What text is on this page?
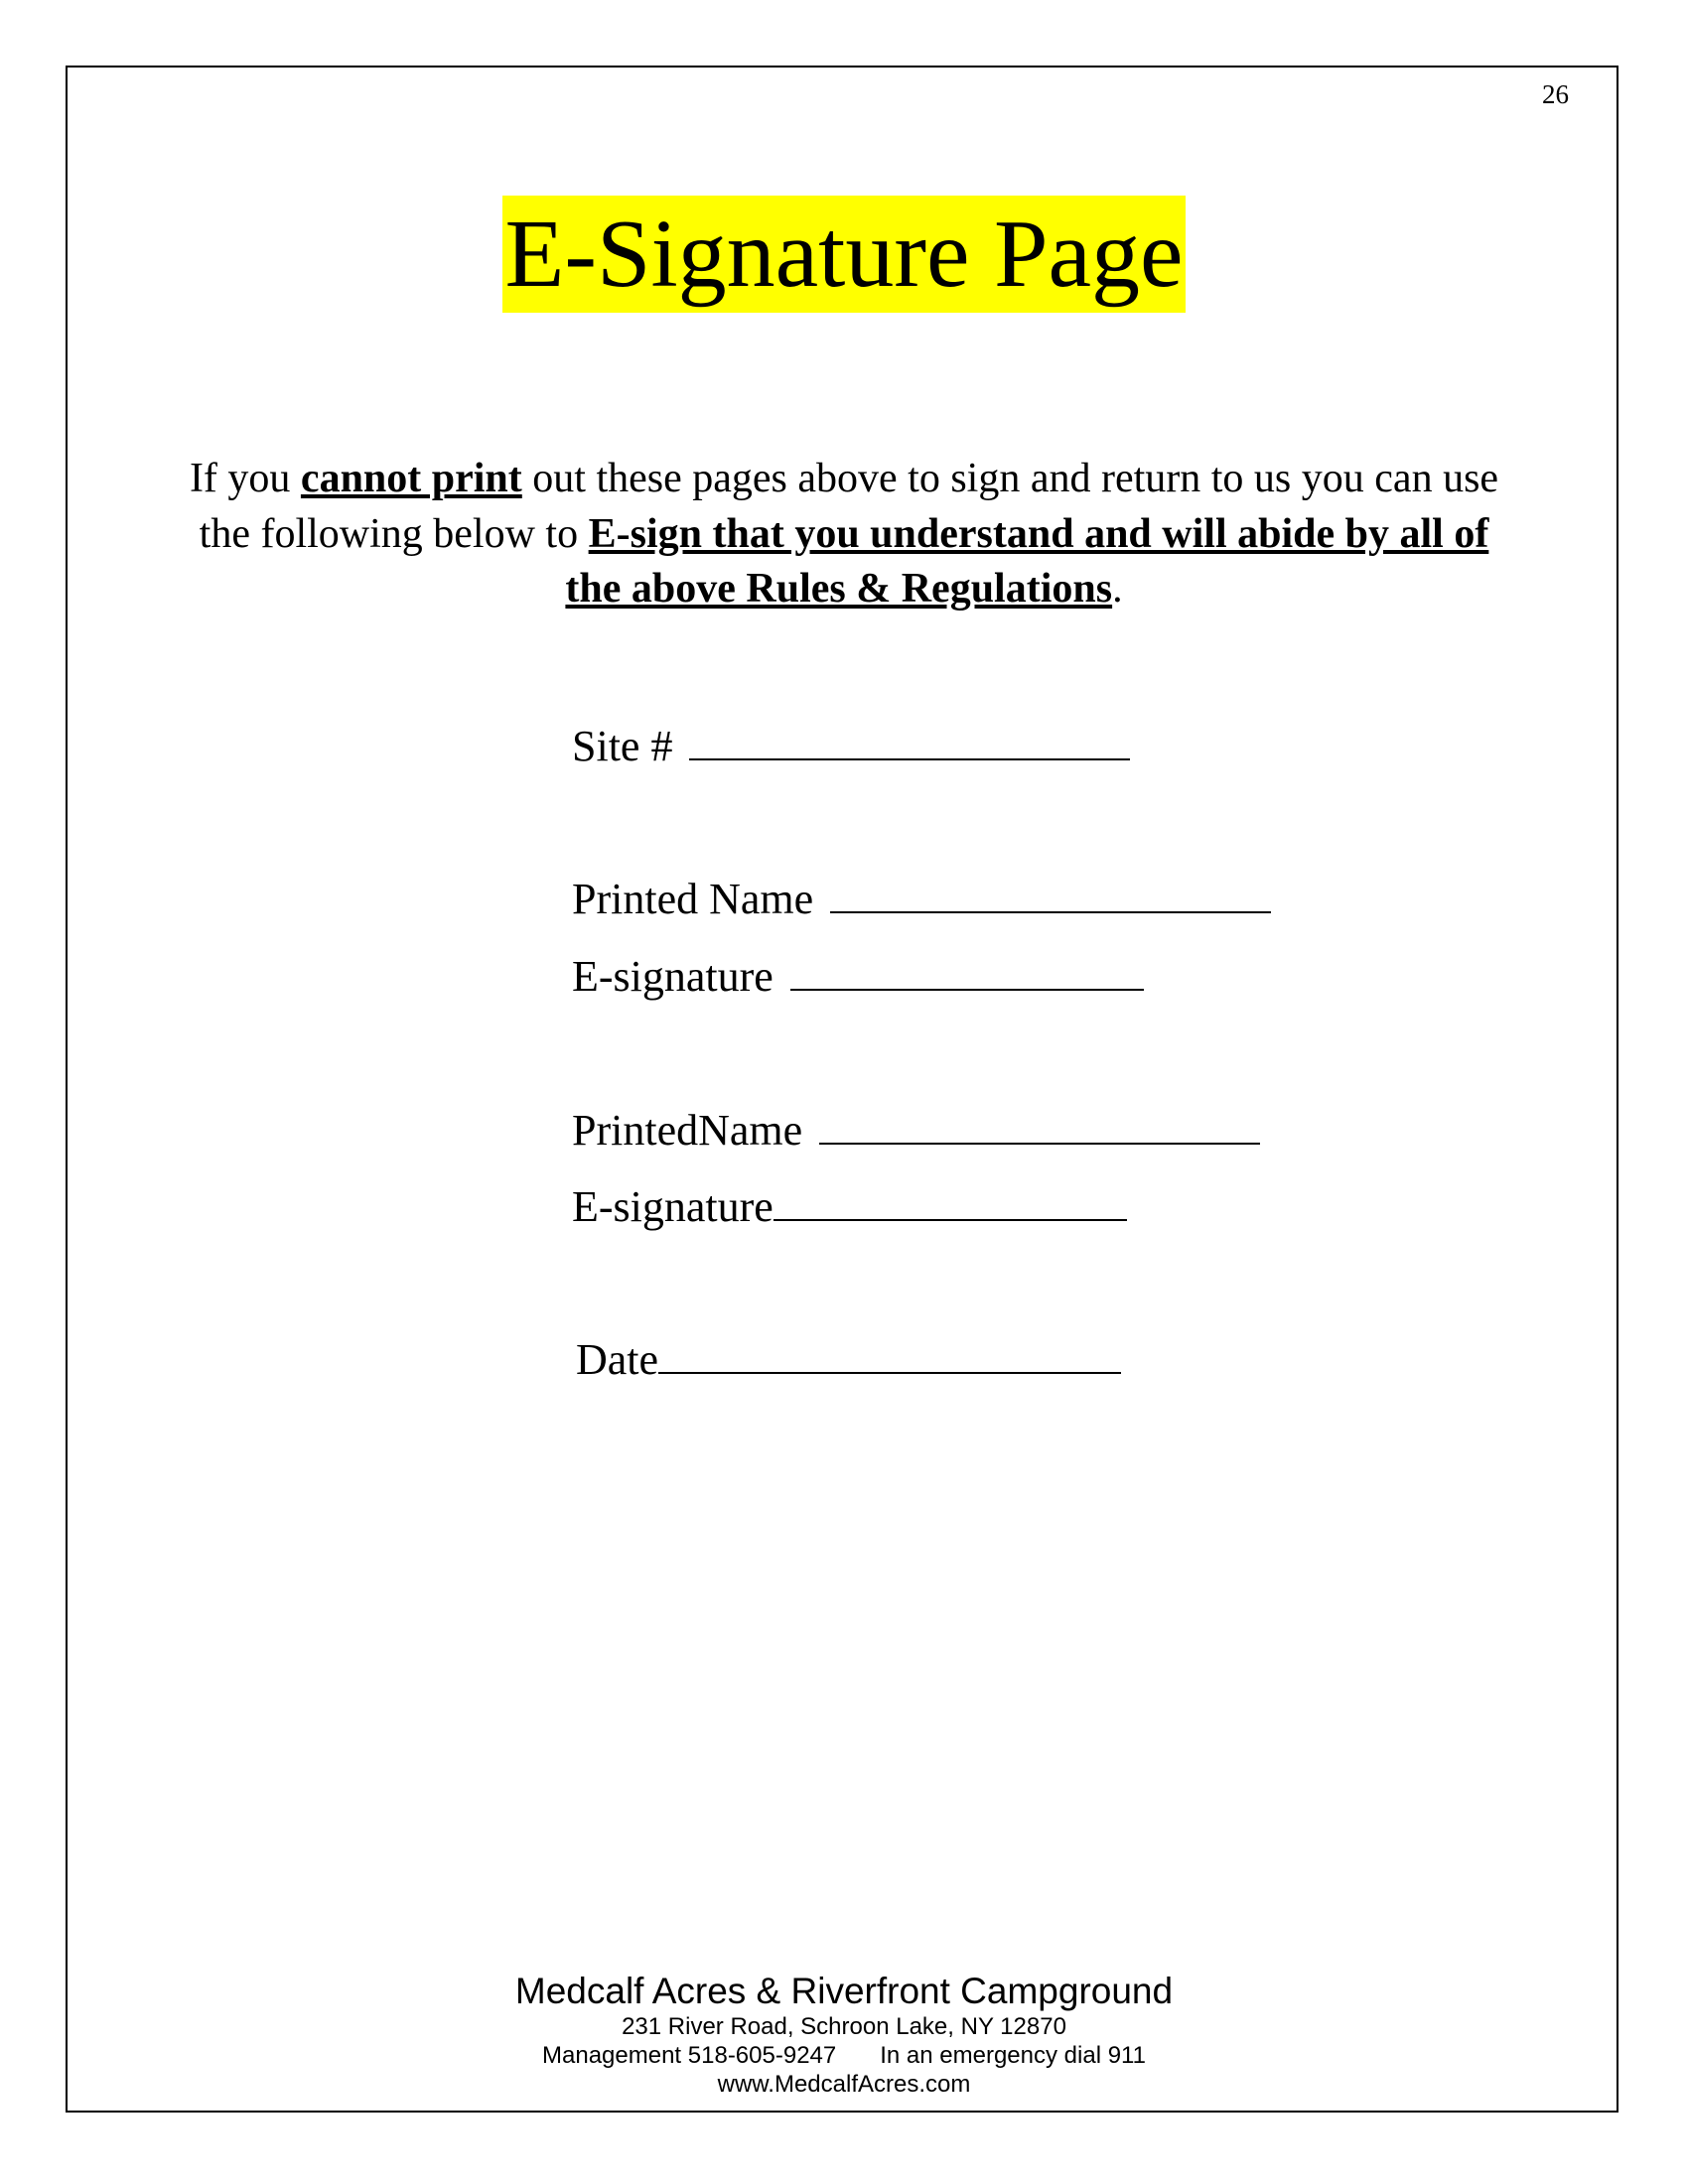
26
E-Signature Page
If you cannot print out these pages above to sign and return to us you can use the following below to E-sign that you understand and will abide by all of the above Rules & Regulations.
Site #
Printed Name
E-signature
PrintedName
E-signature
Date
Medcalf Acres & Riverfront Campground
231 River Road, Schroon Lake, NY 12870
Management 518-605-9247 In an emergency dial 911
www.MedcalfAcres.com
